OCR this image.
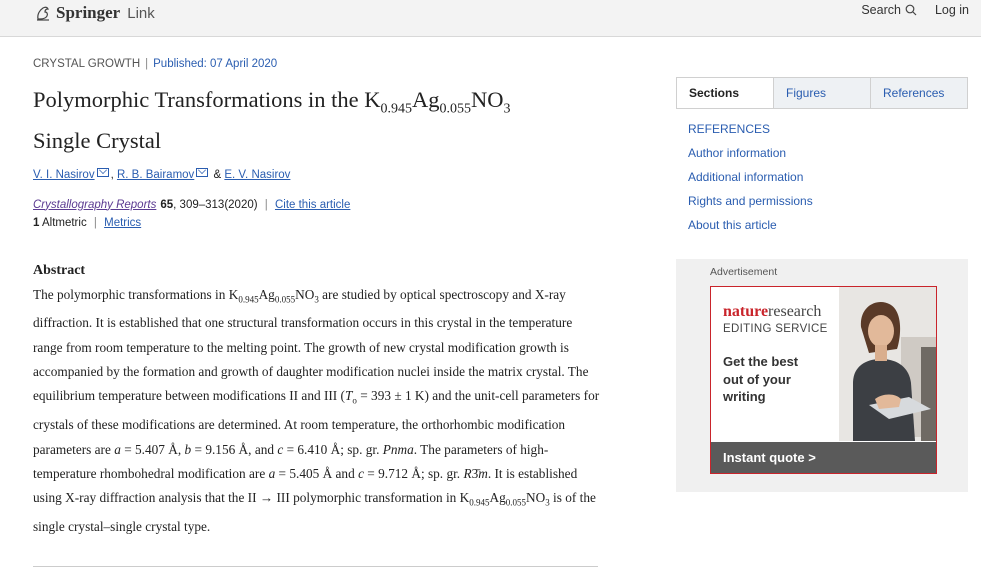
Springer Link	Search	Log in
CRYSTAL GROWTH | Published: 07 April 2020
Polymorphic Transformations in the $K_{0.945}Ag_{0.055}NO_3$
Single Crystal
V. I. Nasirov , R. B. Bairamov & E. V. Nasirov
Crystallography Reports 65, 309–313(2020) | Cite this article
1 Altmetric | Metrics
Abstract
The polymorphic transformations in $K_{0.945}Ag_{0.055}NO_3$ are studied by optical spectroscopy and X-ray diffraction. It is established that one structural transformation occurs in this crystal in the temperature range from room temperature to the melting point. The growth of new crystal modification growth is accompanied by the formation and growth of daughter modification nuclei inside the matrix crystal. The equilibrium temperature between modifications II and III ($T_o = 393 \pm 1$ K) and the unit-cell parameters for crystals of these modifications are determined. At room temperature, the orthorhombic modification parameters are a = 5.407 Å, b = 9.156 Å, and c = 6.410 Å; sp. gr. Pnma. The parameters of high-temperature rhombohedral modification are a = 5.405 Å and c = 9.712 Å; sp. gr. R3̄m. It is established using X-ray diffraction analysis that the II → III polymorphic transformation in $K_{0.945}Ag_{0.055}NO_3$ is of the single crystal–single crystal type.
Sections	Figures	References
REFERENCES
Author information
Additional information
Rights and permissions
About this article
Advertisement
natureresearch
EDITING SERVICE
Get the best
out of your
writing
Instant quote >
